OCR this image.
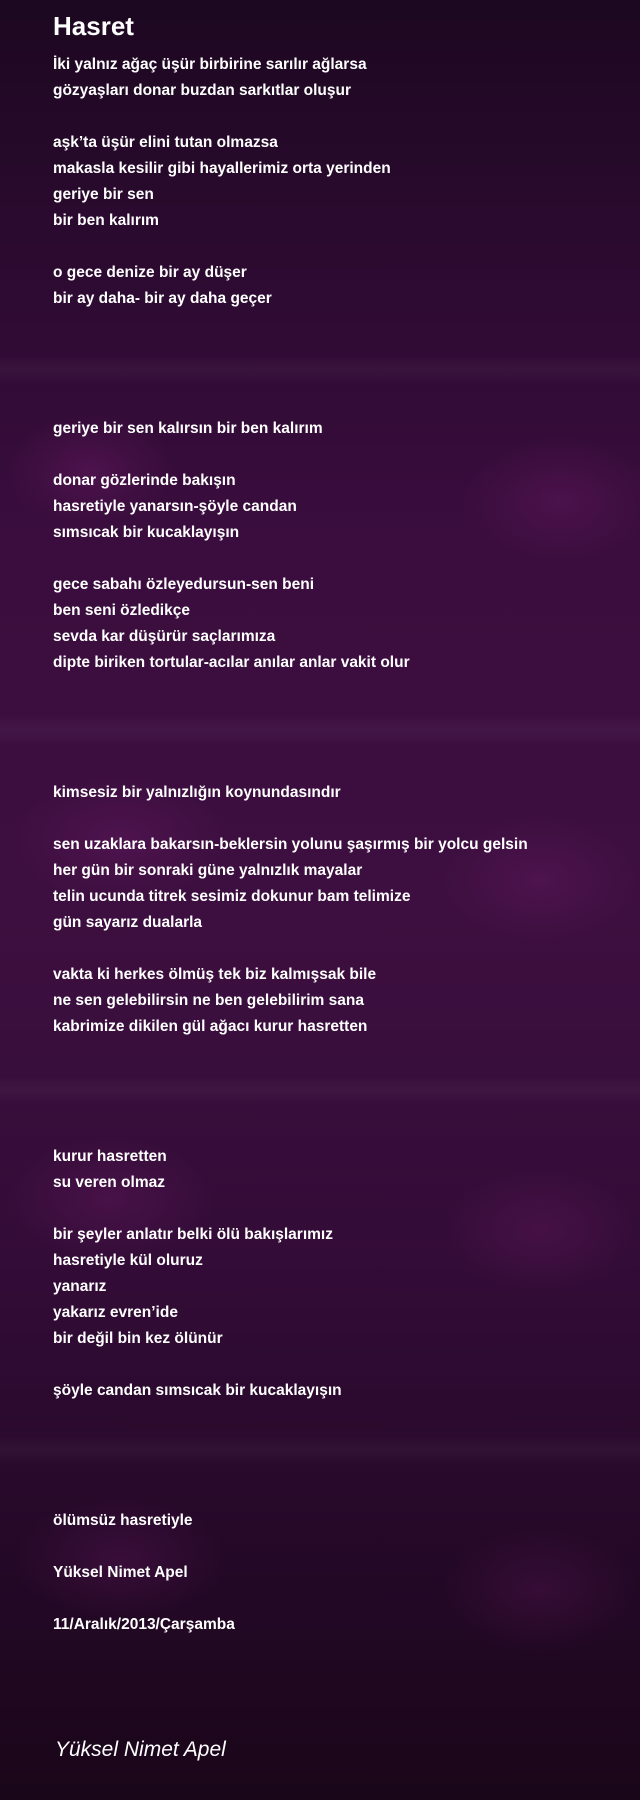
Hasret
İki yalnız ağaç üşür birbirine sarılır ağlarsa
gözyaşları donar buzdan sarkıtlar oluşur
aşk’ta üşür elini tutan olmazsa
makasla kesilir gibi hayallerimiz orta yerinden
geriye bir sen
bir ben kalırım
o gece denize bir ay düşer
bir ay daha- bir ay daha geçer
geriye bir sen kalırsın bir ben kalırım
donar gözlerinde bakışın
hasretiyle yanarsın-şöyle candan
sımsıcak bir kucaklayışın
gece sabahı özleyedursun-sen beni
ben seni özledikçe
sevda kar düşürür saçlarımıza
dipte biriken tortular-acılar anılar anlar vakit olur
kimsesiz bir yalnızlığın koynundasındır
sen uzaklara bakarsın-beklersin yolunu şaşırmış bir yolcu gelsin
her gün bir sonraki güne yalnızlık mayalar
telin ucunda titrek sesimiz dokunur bam telimize
gün sayarız dualarla
vakta ki herkes ölmüş tek biz kalmışsak bile
ne sen gelebilirsin ne ben gelebilirim sana
kabrimize dikilen gül ağacı kurur hasretten
kurur hasretten
su veren olmaz
bir şeyler anlatır belki ölü bakışlarımız
hasretiyle kül oluruz
yanarız
yakarız evren’ide
bir değil bin kez ölünür
şöyle candan sımsıcak bir kucaklayışın
ölümsüz hasretiyle
Yüksel Nimet Apel
11/Aralık/2013/Çarşamba
Yüksel Nimet Apel
